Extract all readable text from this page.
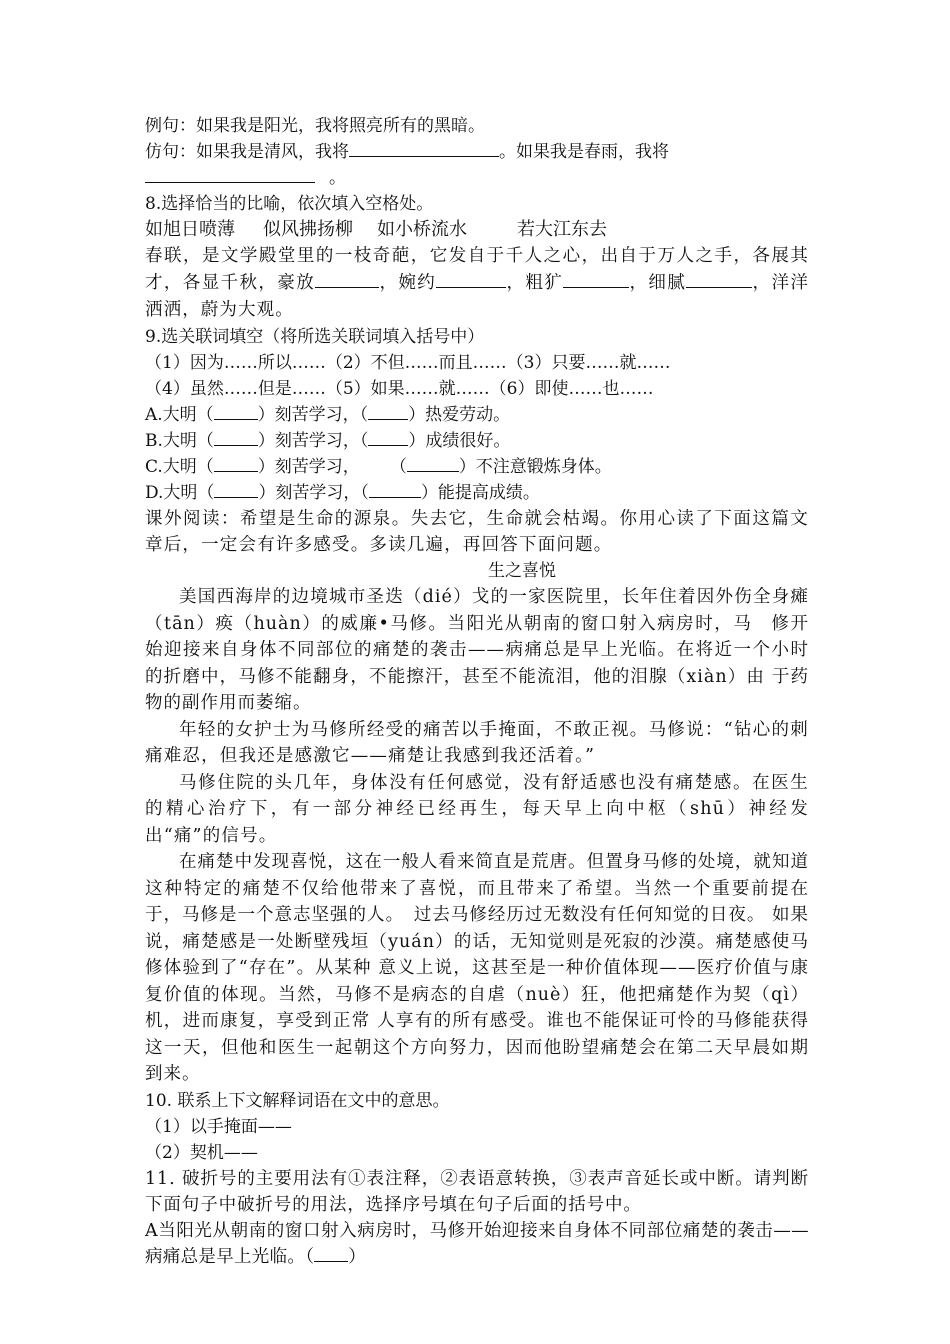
例句：如果我是阳光，我将照亮所有的黑暗。
仿句：如果我是清风，我将	。如果我是春雨，我将
。
8.选择恰当的比喻，依次填入空格处。
如旭日喷薄 似风拂扬柳 如小桥流水	若大江东去
春联，是文学殿堂里的一枝奇葩，它发自于千人之心，出自于万人之手，各展其才，各显千秋，豪放	，婉约	，粗犷	，细腻	，洋洋洒洒，蔚为大观。
9.选关联词填空（将所选关联词填入括号中）
（1）因为……所以……（2）不但……而且……（3）只要……就……
（4）虽然……但是……（5）如果……就……（6）即使……也……
A.大明（	）刻苦学习，（ ）热爱劳动。
B.大明（	）刻苦学习，（ ）成绩很好。
C.大明（	）刻苦学习， （	）不注意锻炼身体。
D.大明（	）刻苦学习，（	）能提高成绩。
课外阅读：希望是生命的源泉。失去它，生命就会枯竭。你用心读了下面这篇文章后，一定会有许多感受。多读几遍，再回答下面问题。
生之喜悦
美国西海岸的边境城市圣迭（dié）戈的一家医院里，长年住着因外伤全身瘫（tān）痪（huàn）的威廉•马修。当阳光从朝南的窗口射入病房时，马　修开始迎接来自身体不同部位的痛楚的袭击——病痛总是早上光临。在将近一个小时的折磨中，马修不能翻身，不能擦汗，甚至不能流泪，他的泪腺（xiàn）由 于药物的副作用而萎缩。
年轻的女护士为马修所经受的痛苦以手掩面，不敢正视。马修说：“钻心的刺痛难忍，但我还是感激它——痛楚让我感到我还活着。”
马修住院的头几年，身体没有任何感觉，没有舒适感也没有痛楚感。在医生的精心治疗下，有一部分神经已经再生，每天早上向中枢（shū）神经发出“痛”的信号。
在痛楚中发现喜悦，这在一般人看来简直是荒唐。但置身马修的处境，就知道这种特定的痛楚不仅给他带来了喜悦，而且带来了希望。当然一个重要前提在于，马修是一个意志坚强的人。　过去马修经历过无数没有任何知觉的日夜。 如果说，痛楚感是一处断壁残垣（yuán）的话，无知觉则是死寂的沙漠。痛楚感使马修体验到了“存在”。从某种 意义上说，这甚至是一种价值体现——医疗价值与康复价值的体现。当然，马修不是病态的自虐（nuè）狂，他把痛楚作为契（qì）机，进而康复，享受到正常 人享有的所有感受。谁也不能保证可怜的马修能获得这一天，但他和医生一起朝这个方向努力，因而他盼望痛楚会在第二天早晨如期到来。
10. 联系上下文解释词语在文中的意思。
（1）以手掩面——
（2）契机——
11. 破折号的主要用法有①表注释，②表语意转换，③表声音延长或中断。请判断下面句子中破折号的用法，选择序号填在句子后面的括号中。
A当阳光从朝南的窗口射入病房时，马修开始迎接来自身体不同部位痛楚的袭击——病痛总是早上光临。（ ）
